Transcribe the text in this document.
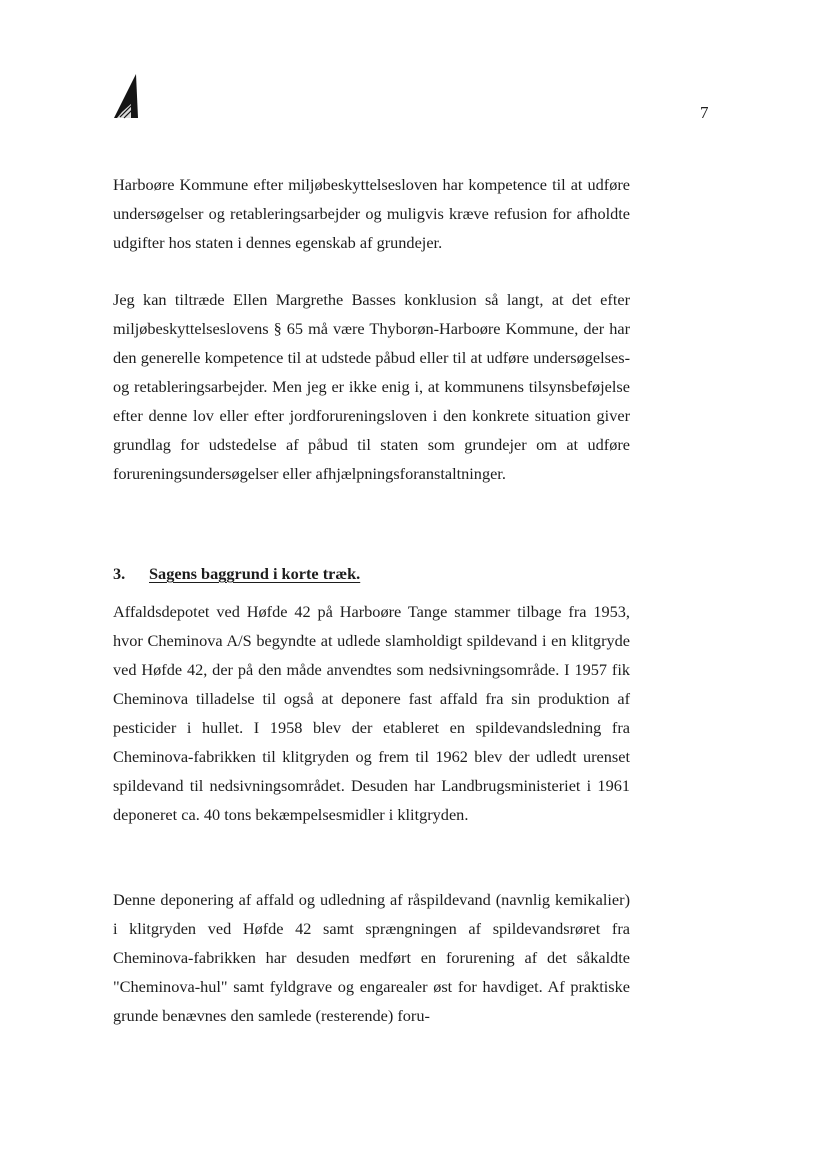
7

Harboøre Kommune efter miljøbeskyttelsesloven har kompetence til at udføre undersøgelser og retableringsarbejder og muligvis kræve refusion for afholdte udgifter hos staten i dennes egenskab af grundejer.

Jeg kan tiltræde Ellen Margrethe Basses konklusion så langt, at det efter miljøbeskyttelseslovens § 65 må være Thyborøn-Harboøre Kommune, der har den generelle kompetence til at udstede påbud eller til at udføre undersøgelses- og retableringsarbejder. Men jeg er ikke enig i, at kommunens tilsynsbeføjelse efter denne lov eller efter jordforureningsloven i den konkrete situation giver grundlag for udstedelse af påbud til staten som grundejer om at udføre forureningsundersøgelser eller afhjælpningsforanstaltninger.

3. Sagens baggrund i korte træk.

Affaldsdepotet ved Høfde 42 på Harboøre Tange stammer tilbage fra 1953, hvor Cheminova A/S begyndte at udlede slamholdigt spildevand i en klitgryde ved Høfde 42, der på den måde anvendtes som nedsivningsområde. I 1957 fik Cheminova tilladelse til også at deponere fast affald fra sin produktion af pesticider i hullet. I 1958 blev der etableret en spildevandsledning fra Cheminova-fabrikken til klitgryden og frem til 1962 blev der udledt urenset spildevand til nedsivningsområdet. Desuden har Landbrugsministeriet i 1961 deponeret ca. 40 tons bekæmpelsesmidler i klitgryden.

Denne deponering af affald og udledning af råspildevand (navnlig kemikalier) i klitgryden ved Høfde 42 samt sprængningen af spildevandsrøret fra Cheminova-fabrikken har desuden medført en forurening af det såkaldte "Cheminova-hul" samt fyldgrave og engarealer øst for havdiget. Af praktiske grunde benævnes den samlede (resterende) foru-
